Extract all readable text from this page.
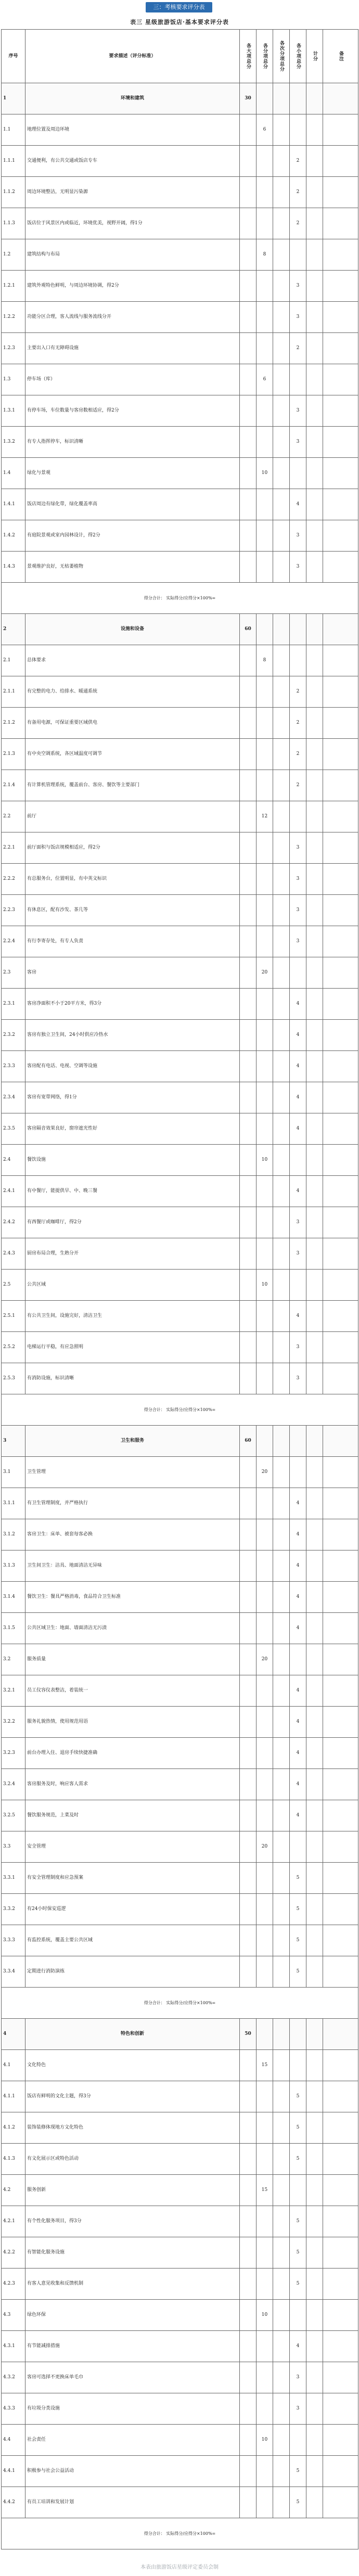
三：考核要求评分表
表三 星级旅游饭店·基本要求评分表
序号	要求描述（评分标准）	各大项总分	各分项总分	各次分项总分	各小项总分	计分	备注
1	环境和建筑	30					
1.1	地理位置及周边环境		6				
1.1.1	交通便利，有公共交通或饭店专车				2		
1.1.2	周边环境整洁，无明显污染源				2		
1.1.3	饭店位于风景区内或临近，环境优美，视野开阔，得1分				2		
1.2	建筑结构与布局		8				
1.2.1	建筑外观特色鲜明，与周边环境协调，得2分				3		
1.2.2	功能分区合理，客人流线与服务流线分开				3		
1.2.3	主要出入口有无障碍设施				2		
1.3	停车场（库）		6				
1.3.1	有停车场，车位数量与客房数相适应，得2分				3		
1.3.2	有专人指挥停车，标识清晰				3		
1.4	绿化与景观		10				
1.4.1	饭店周边有绿化带，绿化覆盖率高				4		
1.4.2	有庭院景观或室内园林设计，得2分				3		
1.4.3	景观维护良好，无枯萎植物				3		
得分合计： 实际得分/应得分×100%=							
2	设施和设备	60					
2.1	总体要求		8				
2.1.1	有完整的电力、给排水、暖通系统				2		
2.1.2	有备用电源，可保证重要区域供电				2		
2.1.3	有中央空调系统，各区域温度可调节				2		
2.1.4	有计算机管理系统，覆盖前台、客房、餐饮等主要部门				2		
2.2	前厅		12				
2.2.1	前厅面积与饭店规模相适应，得2分				3		
2.2.2	有总服务台，位置明显，有中英文标识				3		
2.2.3	有休息区，配有沙发、茶几等				3		
2.2.4	有行李寄存处，有专人负责				3		
2.3	客房		20				
2.3.1	客房净面积不小于20平方米，得3分				4		
2.3.2	客房有独立卫生间，24小时供应冷热水				4		
2.3.3	客房配有电话、电视、空调等设施				4		
2.3.4	客房有宽带网络，得1分				4		
2.3.5	客房隔音效果良好，窗帘遮光性好				4		
2.4	餐饮设施		10				
2.4.1	有中餐厅，能提供早、中、晚三餐				4		
2.4.2	有西餐厅或咖啡厅，得2分				3		
2.4.3	厨房布局合理，生熟分开				3		
2.5	公共区域		10				
2.5.1	有公共卫生间，设施完好，清洁卫生				4		
2.5.2	电梯运行平稳，有应急照明				3		
2.5.3	有消防设施，标识清晰				3		
得分合计： 实际得分/应得分×100%=							
3	卫生和服务	60					
3.1	卫生管理		20				
3.1.1	有卫生管理制度，并严格执行				4		
3.1.2	客房卫生：床单、被套每客必换				4		
3.1.3	卫生间卫生：洁具、地面清洁无异味				4		
3.1.4	餐饮卫生：餐具严格消毒，食品符合卫生标准				4		
3.1.5	公共区域卫生：地面、墙面清洁无污渍				4		
3.2	服务质量		20				
3.2.1	员工仪容仪表整洁，着装统一				4		
3.2.2	服务礼貌热情，使用规范用语				4		
3.2.3	前台办理入住、退房手续快捷准确				4		
3.2.4	客房服务及时，响应客人需求				4		
3.2.5	餐饮服务规范，上菜及时				4		
3.3	安全管理		20				
3.3.1	有安全管理制度和应急预案				5		
3.3.2	有24小时保安巡逻				5		
3.3.3	有监控系统，覆盖主要公共区域				5		
3.3.4	定期进行消防演练				5		
得分合计： 实际得分/应得分×100%=							
4	特色和创新	50					
4.1	文化特色		15				
4.1.1	饭店有鲜明的文化主题，得3分				5		
4.1.2	装饰装修体现地方文化特色				5		
4.1.3	有文化展示区或特色活动				5		
4.2	服务创新		15				
4.2.1	有个性化服务项目，得3分				5		
4.2.2	有智能化服务设施				5		
4.2.3	有客人意见收集和反馈机制				5		
4.3	绿色环保		10				
4.3.1	有节能减排措施				4		
4.3.2	客房可选择不更换床单毛巾				3		
4.3.3	有垃圾分类设施				3		
4.4	社会责任		10				
4.4.1	积极参与社会公益活动				5		
4.4.2	有员工培训和发展计划				5		
得分合计： 实际得分/应得分×100%=							
本表由旅游饭店星级评定委员会制
